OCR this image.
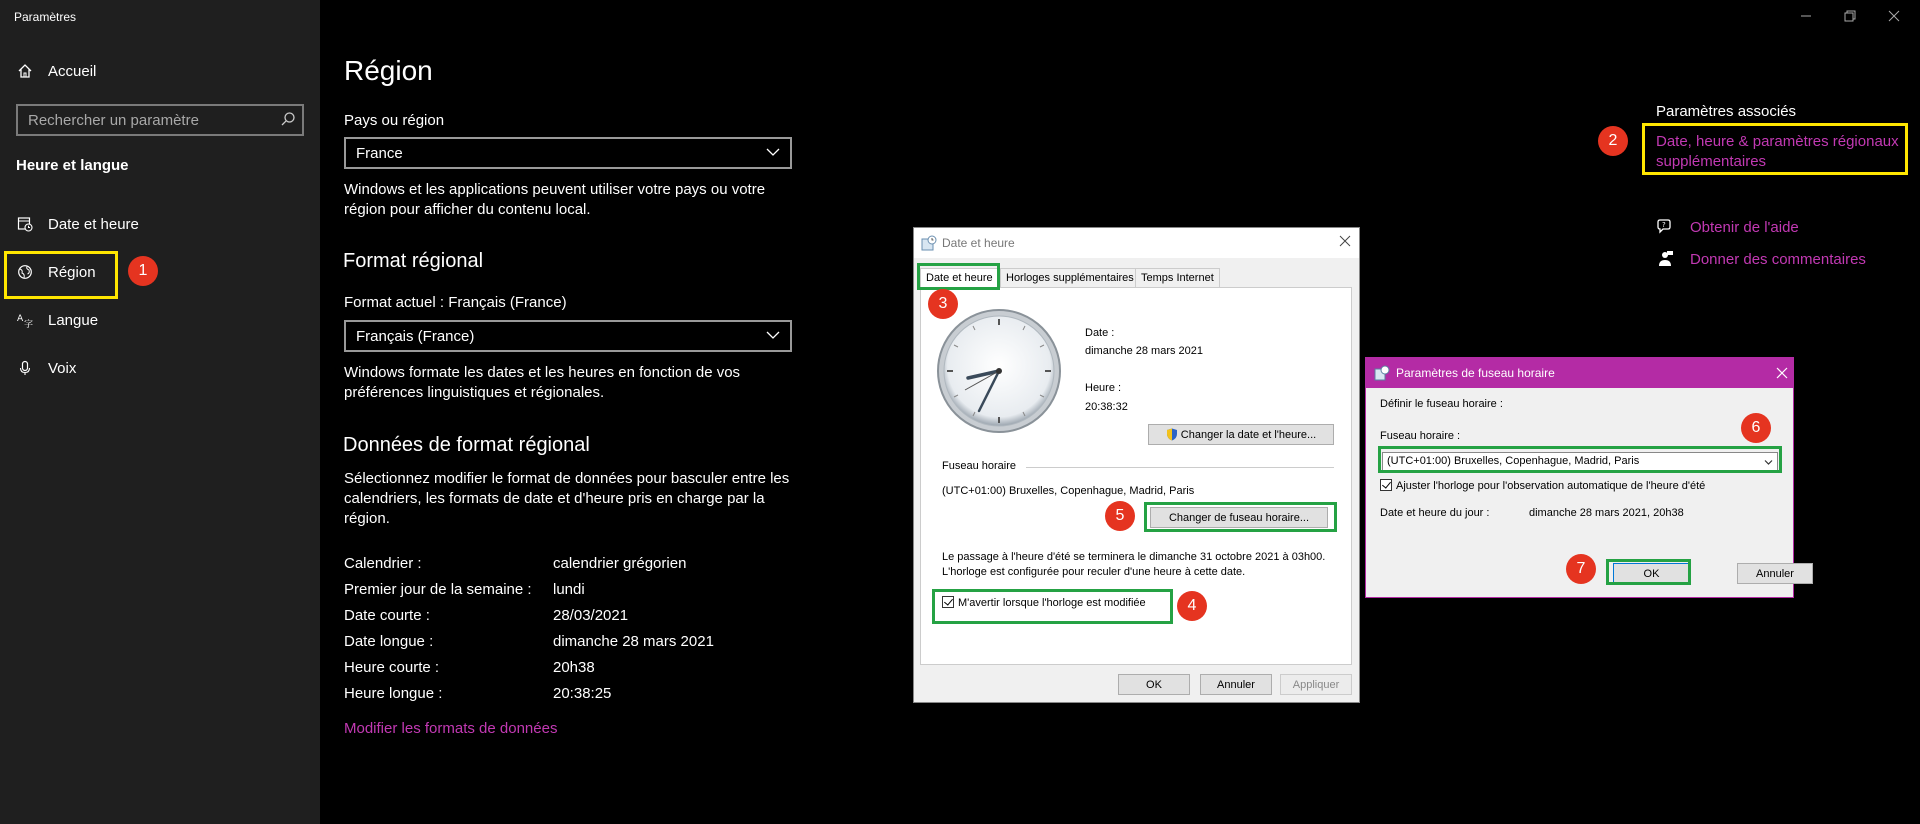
Paramètres
Accueil
Rechercher un paramètre
Heure et langue
Date et heure
Région
A
字 Langue
Voix
1
Région
Pays ou région
France
Windows et les applications peuvent utiliser votre pays ou votre région pour afficher du contenu local.
Format régional
Format actuel : Français (France)
Français (France)
Windows formate les dates et les heures en fonction de vos préférences linguistiques et régionales.
Données de format régional
Sélectionnez modifier le format de données pour basculer entre les calendriers, les formats de date et d'heure pris en charge par la région.
Calendrier :	calendrier grégorien
Premier jour de la semaine : lundi
Date courte :	28/03/2021
Date longue :	dimanche 28 mars 2021
Heure courte :	20h38
Heure longue :	20:38:25
Modifier les formats de données
Paramètres associés
Date, heure & paramètres régionaux supplémentaires
2
? Obtenir de l'aide
Donner des commentaires
Date et heure
Date et heure	Horloges supplémentaires Temps Internet
Date :
dimanche 28 mars 2021
Heure :
20:38:32
Changer la date et l'heure...
Fuseau horaire
(UTC+01:00) Bruxelles, Copenhague, Madrid, Paris
Changer de fuseau horaire...
Le passage à l'heure d'été se terminera le dimanche 31 octobre 2021 à 03h00. L'horloge est configurée pour reculer d'une heure à cette date.
M'avertir lorsque l'horloge est modifiée
OK	Annuler	Appliquer
3
4
5
Paramètres de fuseau horaire
Définir le fuseau horaire :
Fuseau horaire :
(UTC+01:00) Bruxelles, Copenhague, Madrid, Paris
Ajuster l'horloge pour l'observation automatique de l'heure d'été
Date et heure du jour :	dimanche 28 mars 2021, 20h38
OK	Annuler
6
7
